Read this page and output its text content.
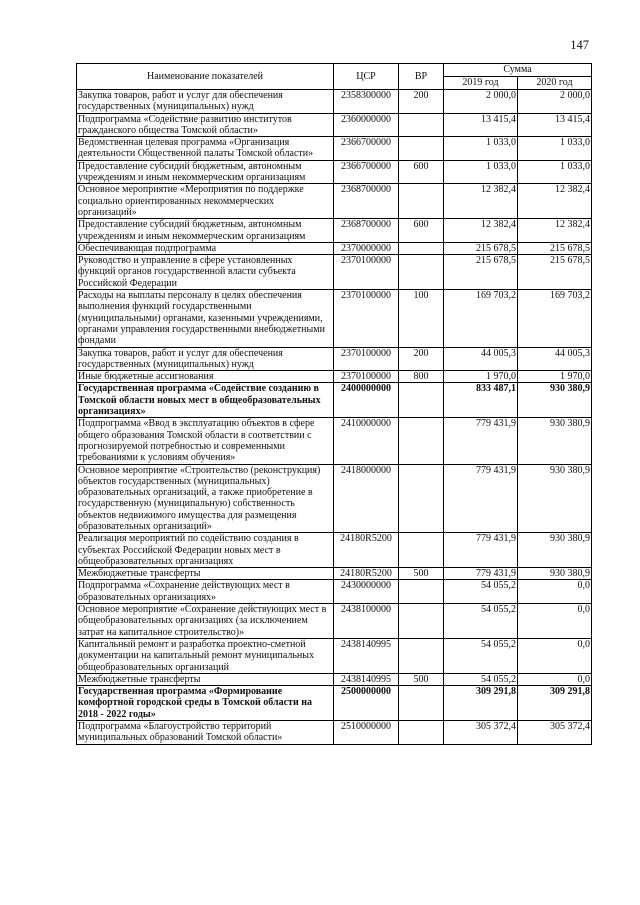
147
Наименование показателей	ЦСР	ВР	Сумма	
			2019 год	2020 год
Закупка товаров, работ и услуг для обеспечения государственных (муниципальных) нужд	2358300000	200	2 000,0	2 000,0
Подпрограмма «Содействие развитию институтов гражданского общества Томской области»	2360000000		13 415,4	13 415,4
Ведомственная целевая программа «Организация деятельности Общественной палаты Томской области»	2366700000		1 033,0	1 033,0
Предоставление субсидий бюджетным, автономным учреждениям и иным некоммерческим организациям	2366700000	600	1 033,0	1 033,0
Основное мероприятие «Мероприятия по поддержке социально ориентированных некоммерческих организаций»	2368700000		12 382,4	12 382,4
Предоставление субсидий бюджетным, автономным учреждениям и иным некоммерческим организациям	2368700000	600	12 382,4	12 382,4
Обеспечивающая подпрограмма	2370000000		215 678,5	215 678,5
Руководство и управление в сфере установленных функций органов государственной власти субъекта Российской Федерации	2370100000		215 678,5	215 678,5
Расходы на выплаты персоналу в целях обеспечения выполнения функций государственными (муниципальными) органами, казенными учреждениями, органами управления государственными внебюджетными фондами	2370100000	100	169 703,2	169 703,2
Закупка товаров, работ и услуг для обеспечения государственных (муниципальных) нужд	2370100000	200	44 005,3	44 005,3
Иные бюджетные ассигнования	2370100000	800	1 970,0	1 970,0
Государственная программа «Содействие созданию в Томской области новых мест в общеобразовательных организациях»	2400000000		833 487,1	930 380,9
Подпрограмма «Ввод в эксплуатацию объектов в сфере общего образования Томской области в соответствии с прогнозируемой потребностью и современными требованиями к условиям обучения»	2410000000		779 431,9	930 380,9
Основное мероприятие «Строительство (реконструкция) объектов государственных (муниципальных) образовательных организаций, а также приобретение в государственную (муниципальную) собственность объектов недвижимого имущества для размещения образовательных организаций»	2418000000		779 431,9	930 380,9
Реализация мероприятий по содействию создания в субъектах Российской Федерации новых мест в общеобразовательных организациях	24180R5200		779 431,9	930 380,9
Межбюджетные трансферты	24180R5200	500	779 431,9	930 380,9
Подпрограмма «Сохранение действующих мест в образовательных организациях»	2430000000		54 055,2	0,0
Основное мероприятие «Сохранение действующих мест в общеобразовательных организациях (за исключением затрат на капитальное строительство)»	2438100000		54 055,2	0,0
Капитальный ремонт и разработка проектно-сметной документации на капитальный ремонт муниципальных общеобразовательных организаций	2438140995		54 055,2	0,0
Межбюджетные трансферты	2438140995	500	54 055,2	0,0
Государственная программа «Формирование комфортной городской среды в Томской области на 2018 - 2022 годы»	2500000000		309 291,8	309 291,8
Подпрограмма «Благоустройство территорий муниципальных образований Томской области»	2510000000		305 372,4	305 372,4
